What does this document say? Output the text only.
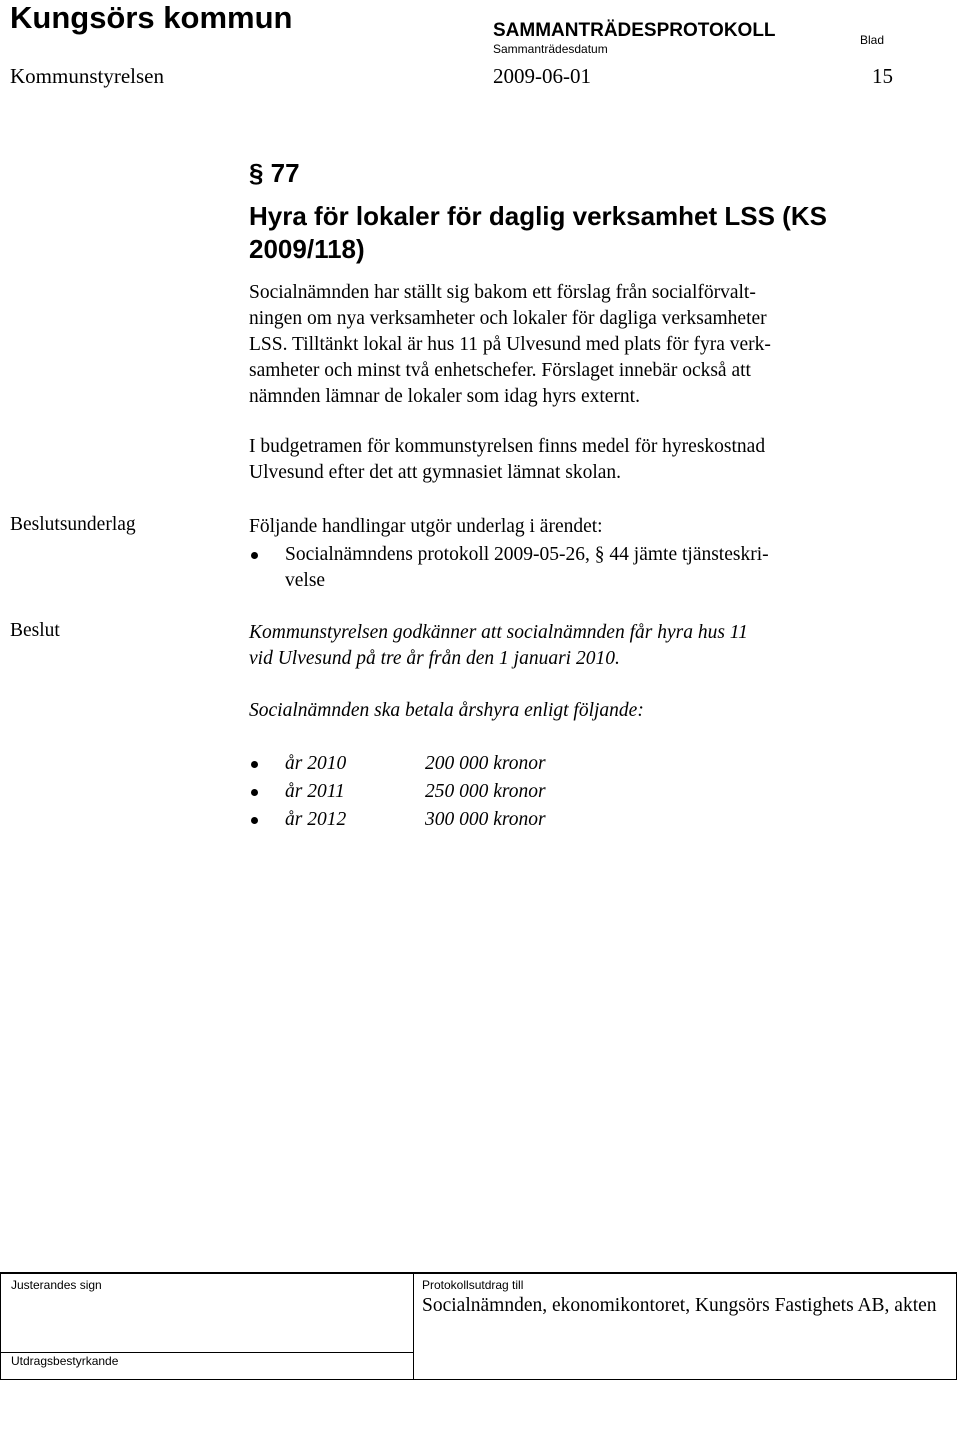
Kungsörs kommun	SAMMANTRÄDESPROTOKOLL
Sammanträdesdatum
Blad
Kommunstyrelsen	2009-06-01	15
§ 77
Hyra för lokaler för daglig verksamhet LSS (KS 2009/118)
Socialnämnden har ställt sig bakom ett förslag från socialförvalt-
ningen om nya verksamheter och lokaler för dagliga verksamheter
LSS. Tilltänkt lokal är hus 11 på Ulvesund med plats för fyra verk-
samheter och minst två enhetschefer. Förslaget innebär också att
nämnden lämnar de lokaler som idag hyrs externt.
I budgetramen för kommunstyrelsen finns medel för hyreskostnad
Ulvesund efter det att gymnasiet lämnat skolan.
Beslutsunderlag	Följande handlingar utgör underlag i ärendet:
Socialnämndens protokoll 2009-05-26, § 44 jämte tjänsteskri-
velse
Beslut	Kommunstyrelsen godkänner att socialnämnden får hyra hus 11
vid Ulvesund på tre år från den 1 januari 2010.
Socialnämnden ska betala årshyra enligt följande:
år 2010	200 000 kronor
år 2011	250 000 kronor
år 2012	300 000 kronor
Justerandes sign
Utdragsbestyrkande
Protokollsutdrag till
Socialnämnden, ekonomikontoret, Kungsörs Fastighets AB, akten
